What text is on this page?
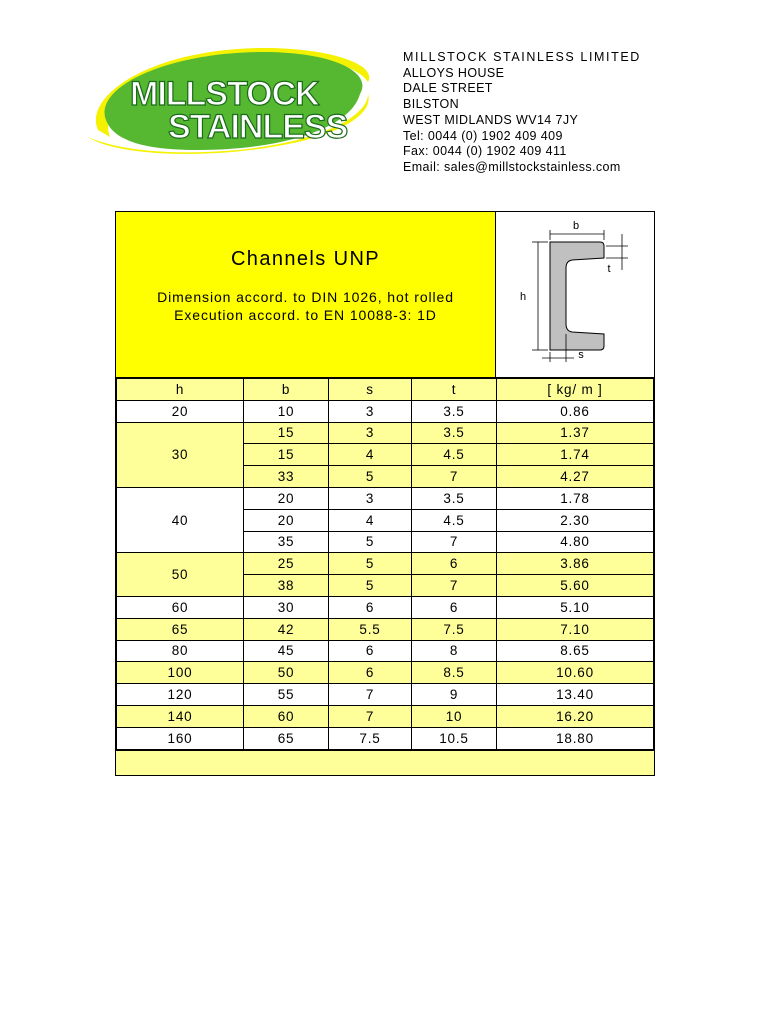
MILLSTOCK
STAINLESS
MILLSTOCK STAINLESS LIMITED
ALLOYS HOUSE
DALE STREET
BILSTON
WEST MIDLANDS WV14 7JY
Tel: 0044 (0) 1902 409 409
Fax: 0044 (0) 1902 409 411
Email: sales@millstockstainless.com
Channels UNP
Dimension accord. to DIN 1026, hot rolled
Execution accord. to EN 10088-3: 1D
b
h
t
s
h	b	s	t	[ kg/ m ]
20	10	3	3.5	0.86
30	15	3	3.5	1.37
	15	4	4.5	1.74
	33	5	7	4.27
40	20	3	3.5	1.78
	20	4	4.5	2.30
	35	5	7	4.80
50	25	5	6	3.86
	38	5	7	5.60
60	30	6	6	5.10
65	42	5.5	7.5	7.10
80	45	6	8	8.65
100	50	6	8.5	10.60
120	55	7	9	13.40
140	60	7	10	16.20
160	65	7.5	10.5	18.80
